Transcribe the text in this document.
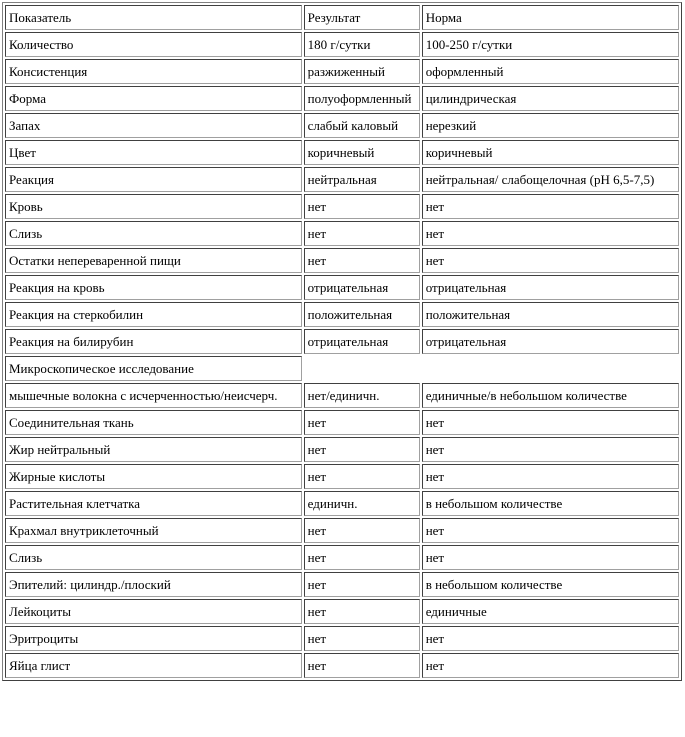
Показатель	Результат	Норма
Количество	180 г/сутки	100-250 г/сутки
Консистенция	разжиженный	оформленный
Форма	полуоформленный	цилиндрическая
Запах	слабый каловый	нерезкий
Цвет	коричневый	коричневый
Реакция	нейтральная	нейтральная/ слабощелочная (pH 6,5-7,5)
Кровь	нет	нет
Слизь	нет	нет
Остатки непереваренной пищи	нет	нет
Реакция на кровь	отрицательная	отрицательная
Реакция на стеркобилин	положительная	положительная
Реакция на билирубин	отрицательная	отрицательная
Микроскопическое исследование		
мышечные волокна с исчерченностью/неисчерч.	нет/единичн.	единичные/в небольшом количестве
Соединительная ткань	нет	нет
Жир нейтральный	нет	нет
Жирные кислоты	нет	нет
Растительная клетчатка	единичн.	в небольшом количестве
Крахмал внутриклеточный	нет	нет
Слизь	нет	нет
Эпителий: цилиндр./плоский	нет	в небольшом количестве
Лейкоциты	нет	единичные
Эритроциты	нет	нет
Яйца глист	нет	нет
